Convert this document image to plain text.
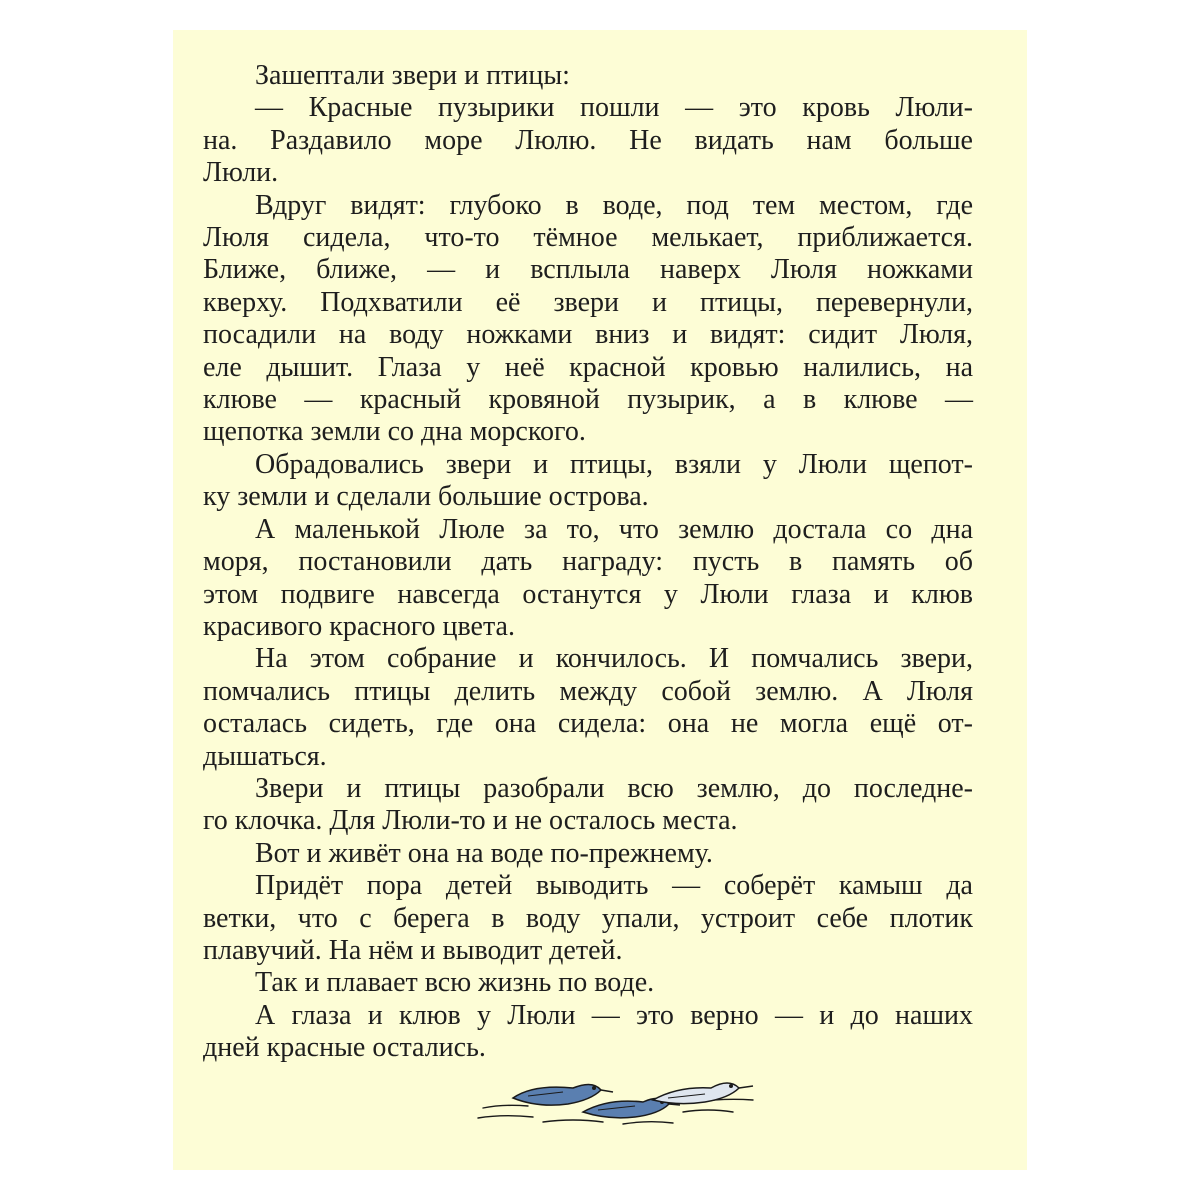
Зашептали звери и птицы:
— Красные пузырики пошли — это кровь Люли-
на. Раздавило море Люлю. Не видать нам больше
Люли.
Вдруг видят: глубоко в воде, под тем местом, где
Люля сидела, что-то тёмное мелькает, приближается.
Ближе, ближе, — и всплыла наверх Люля ножками
кверху. Подхватили её звери и птицы, перевернули,
посадили на воду ножками вниз и видят: сидит Люля,
еле дышит. Глаза у неё красной кровью налились, на
клюве — красный кровяной пузырик, а в клюве —
щепотка земли со дна морского.
Обрадовались звери и птицы, взяли у Люли щепот-
ку земли и сделали большие острова.
А маленькой Люле за то, что землю достала со дна
моря, постановили дать награду: пусть в память об
этом подвиге навсегда останутся у Люли глаза и клюв
красивого красного цвета.
На этом собрание и кончилось. И помчались звери,
помчались птицы делить между собой землю. А Люля
осталась сидеть, где она сидела: она не могла ещё от-
дышаться.
Звери и птицы разобрали всю землю, до последне-
го клочка. Для Люли-то и не осталось места.
Вот и живёт она на воде по-прежнему.
Придёт пора детей выводить — соберёт камыш да
ветки, что с берега в воду упали, устроит себе плотик
плавучий. На нём и выводит детей.
Так и плавает всю жизнь по воде.
А глаза и клюв у Люли — это верно — и до наших
дней красные остались.
